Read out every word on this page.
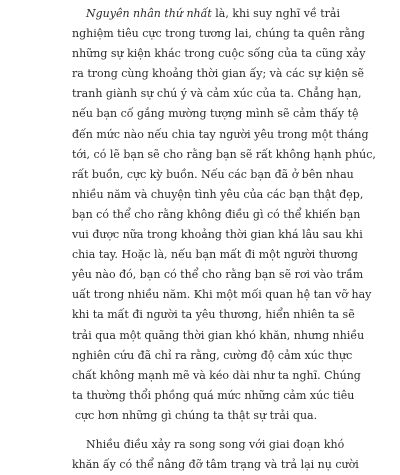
Nguyên nhân thứ nhất là, khi suy nghĩ về trải
nghiệm tiêu cực trong tương lai, chúng ta quên rằng
những sự kiện khác trong cuộc sống của ta cũng xảy
ra trong cùng khoảng thời gian ấy; và các sự kiện sẽ
tranh giành sự chú ý và cảm xúc của ta. Chẳng hạn,
nếu bạn cố gắng mường tượng mình sẽ cảm thấy tệ
đến mức nào nếu chia tay người yêu trong một tháng
tới, có lẽ bạn sẽ cho rằng bạn sẽ rất không hạnh phúc,
rất buồn, cực kỳ buồn. Nếu các bạn đã ở bên nhau
nhiều năm và chuyện tình yêu của các bạn thật đẹp,
bạn có thể cho rằng không điều gì có thể khiến bạn
vui được nữa trong khoảng thời gian khá lâu sau khi
chia tay. Hoặc là, nếu bạn mất đi một người thương
yêu nào đó, bạn có thể cho rằng bạn sẽ rơi vào trầm
uất trong nhiều năm. Khi một mối quan hệ tan vỡ hay
khi ta mất đi người ta yêu thương, hiển nhiên ta sẽ
trải qua một quãng thời gian khó khăn, nhưng nhiều
nghiên cứu đã chỉ ra rằng, cường độ cảm xúc thực
chất không mạnh mẽ và kéo dài như ta nghĩ. Chúng
ta thường thổi phồng quá mức những cảm xúc tiêu
cực hơn những gì chúng ta thật sự trải qua.
Nhiều điều xảy ra song song với giai đoạn khó
khăn ấy có thể nâng đỡ tâm trạng và trả lại nụ cười
